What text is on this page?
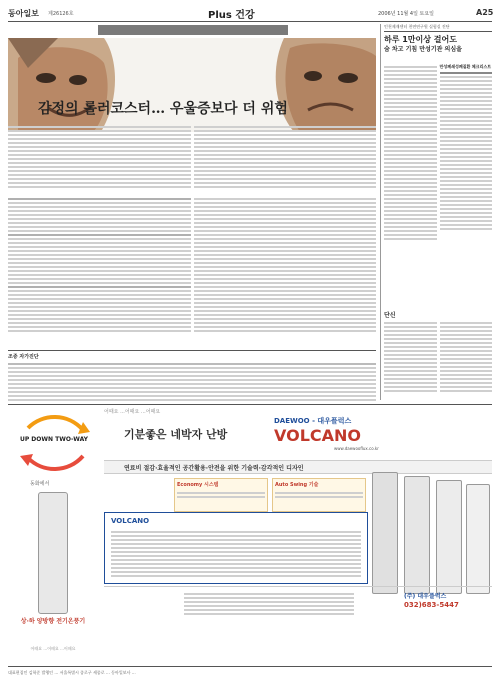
동아일보 제26126호	Plus 건강	2006년 11월 4일 토요일	A25
감정의 롤러코스터… 우울증보다 더 위험
조증 자가진단
인천제재센터 천연연구원 실험실 진단
하루 1만이상 걸어도
숨 차고 기침 만성기관 의심을
만성폐쇄성폐질환 체크리스트
단신
UP DOWN TWO-WAY
동화에서
상·하 양방향 전기온풍기
어때요 ...어때요 ...어때요
어때요 ...어때요 ...어때요
기분좋은 네박자 난방
DAEWOO - 대우플럭스
VOLCANO
www.daewooflux.co.kr
연료비 절감·효율적인 공간활용·안전을 위한 기술력·감각적인 디자인
Economy 시스템	Auto Swing 기술
VOLCANO
(주) 대우플럭스
032)683-5447
대표편집인 김학준 발행인 … 서울특별시 종로구 세종로 … 동아일보사 …
